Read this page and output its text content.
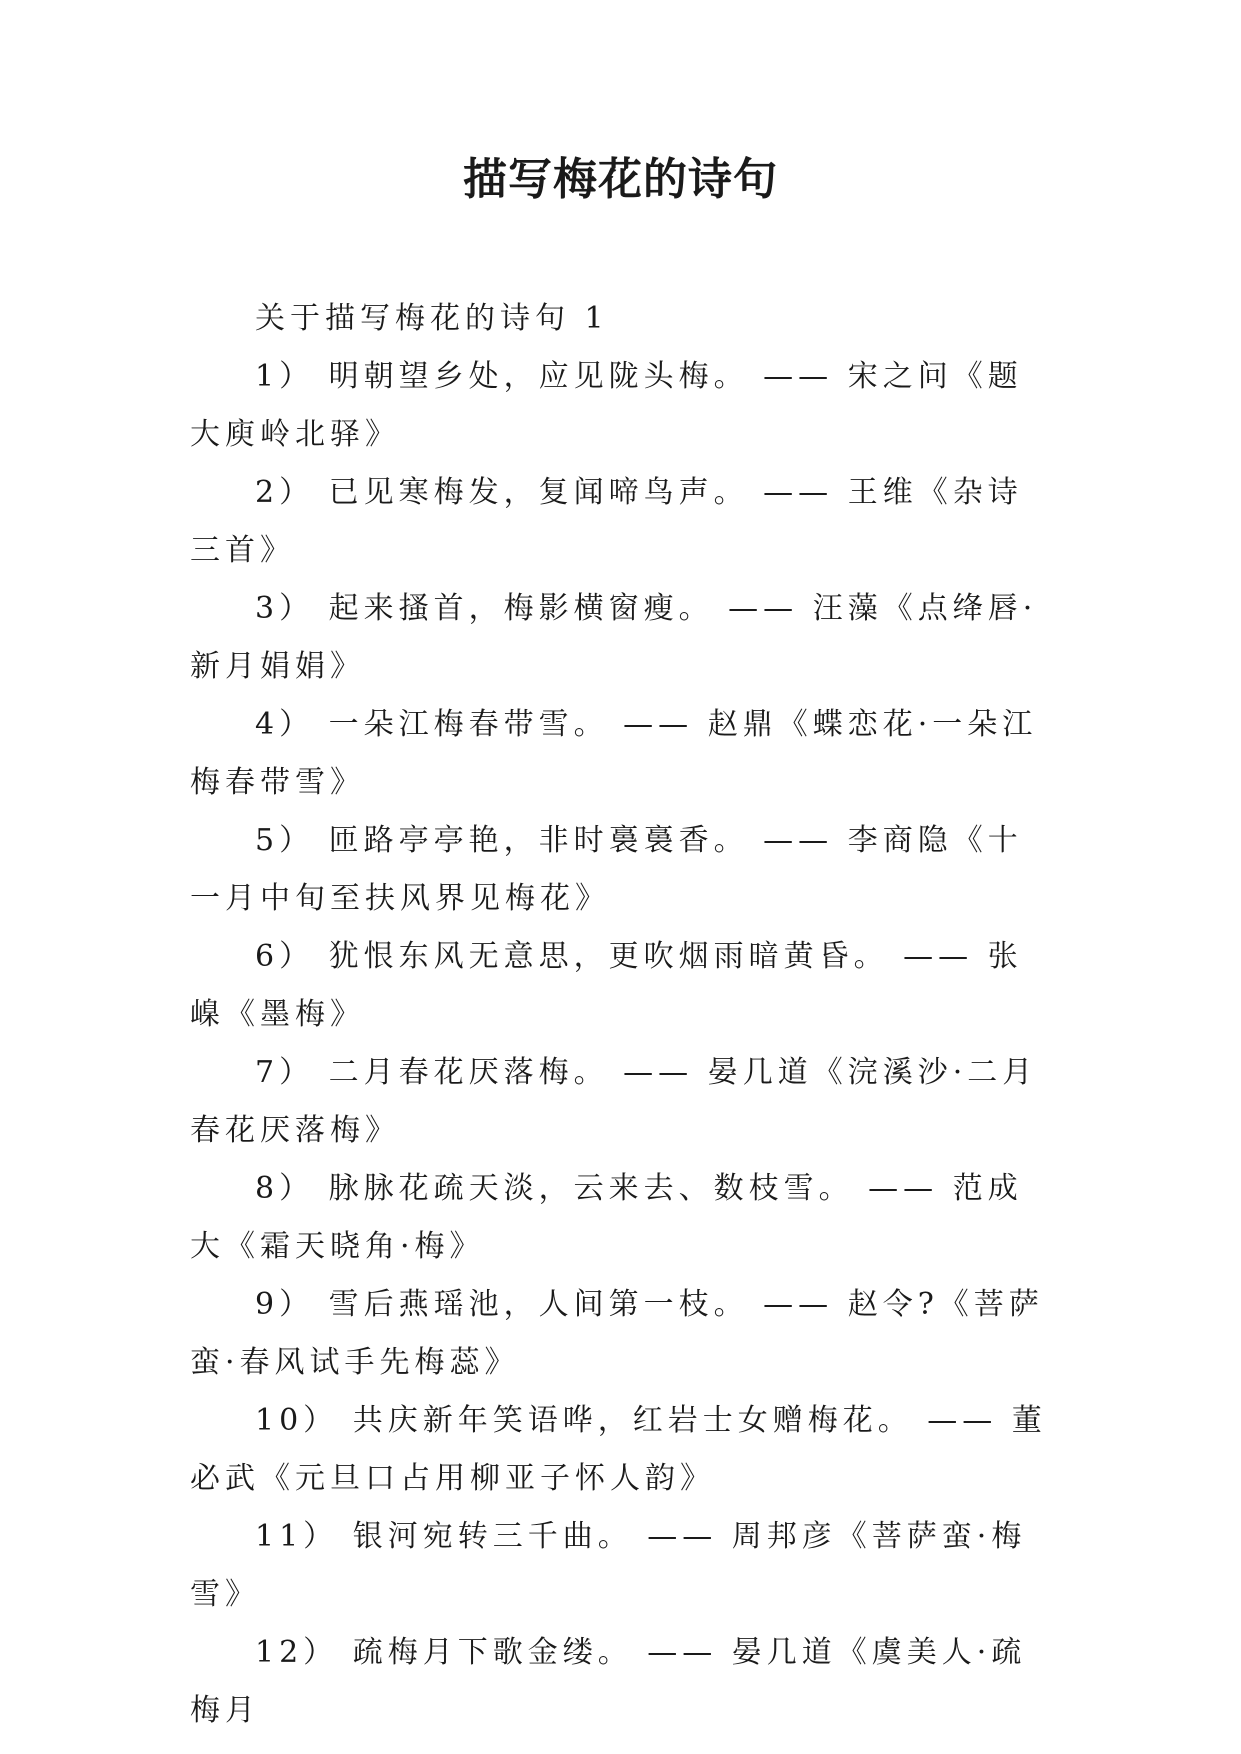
描写梅花的诗句

关于描写梅花的诗句 1

1） 明朝望乡处，应见陇头梅。 —— 宋之问《题大庾岭北驿》

2） 已见寒梅发，复闻啼鸟声。 —— 王维《杂诗三首》

3） 起来搔首，梅影横窗瘦。 —— 汪藻《点绛唇·新月娟娟》

4） 一朵江梅春带雪。 —— 赵鼎《蝶恋花·一朵江梅春带雪》

5） 匝路亭亭艳，非时裛裛香。 —— 李商隐《十一月中旬至扶风界见梅花》

6） 犹恨东风无意思，更吹烟雨暗黄昏。 —— 张嵲《墨梅》

7） 二月春花厌落梅。 —— 晏几道《浣溪沙·二月春花厌落梅》

8） 脉脉花疏天淡，云来去、数枝雪。 —— 范成大《霜天晓角·梅》

9） 雪后燕瑶池，人间第一枝。 —— 赵令?《菩萨蛮·春风试手先梅蕊》

10） 共庆新年笑语哗，红岩士女赠梅花。 —— 董必武《元旦口占用柳亚子怀人韵》

11） 银河宛转三千曲。 —— 周邦彦《菩萨蛮·梅雪》

12） 疏梅月下歌金缕。 —— 晏几道《虞美人·疏梅月
